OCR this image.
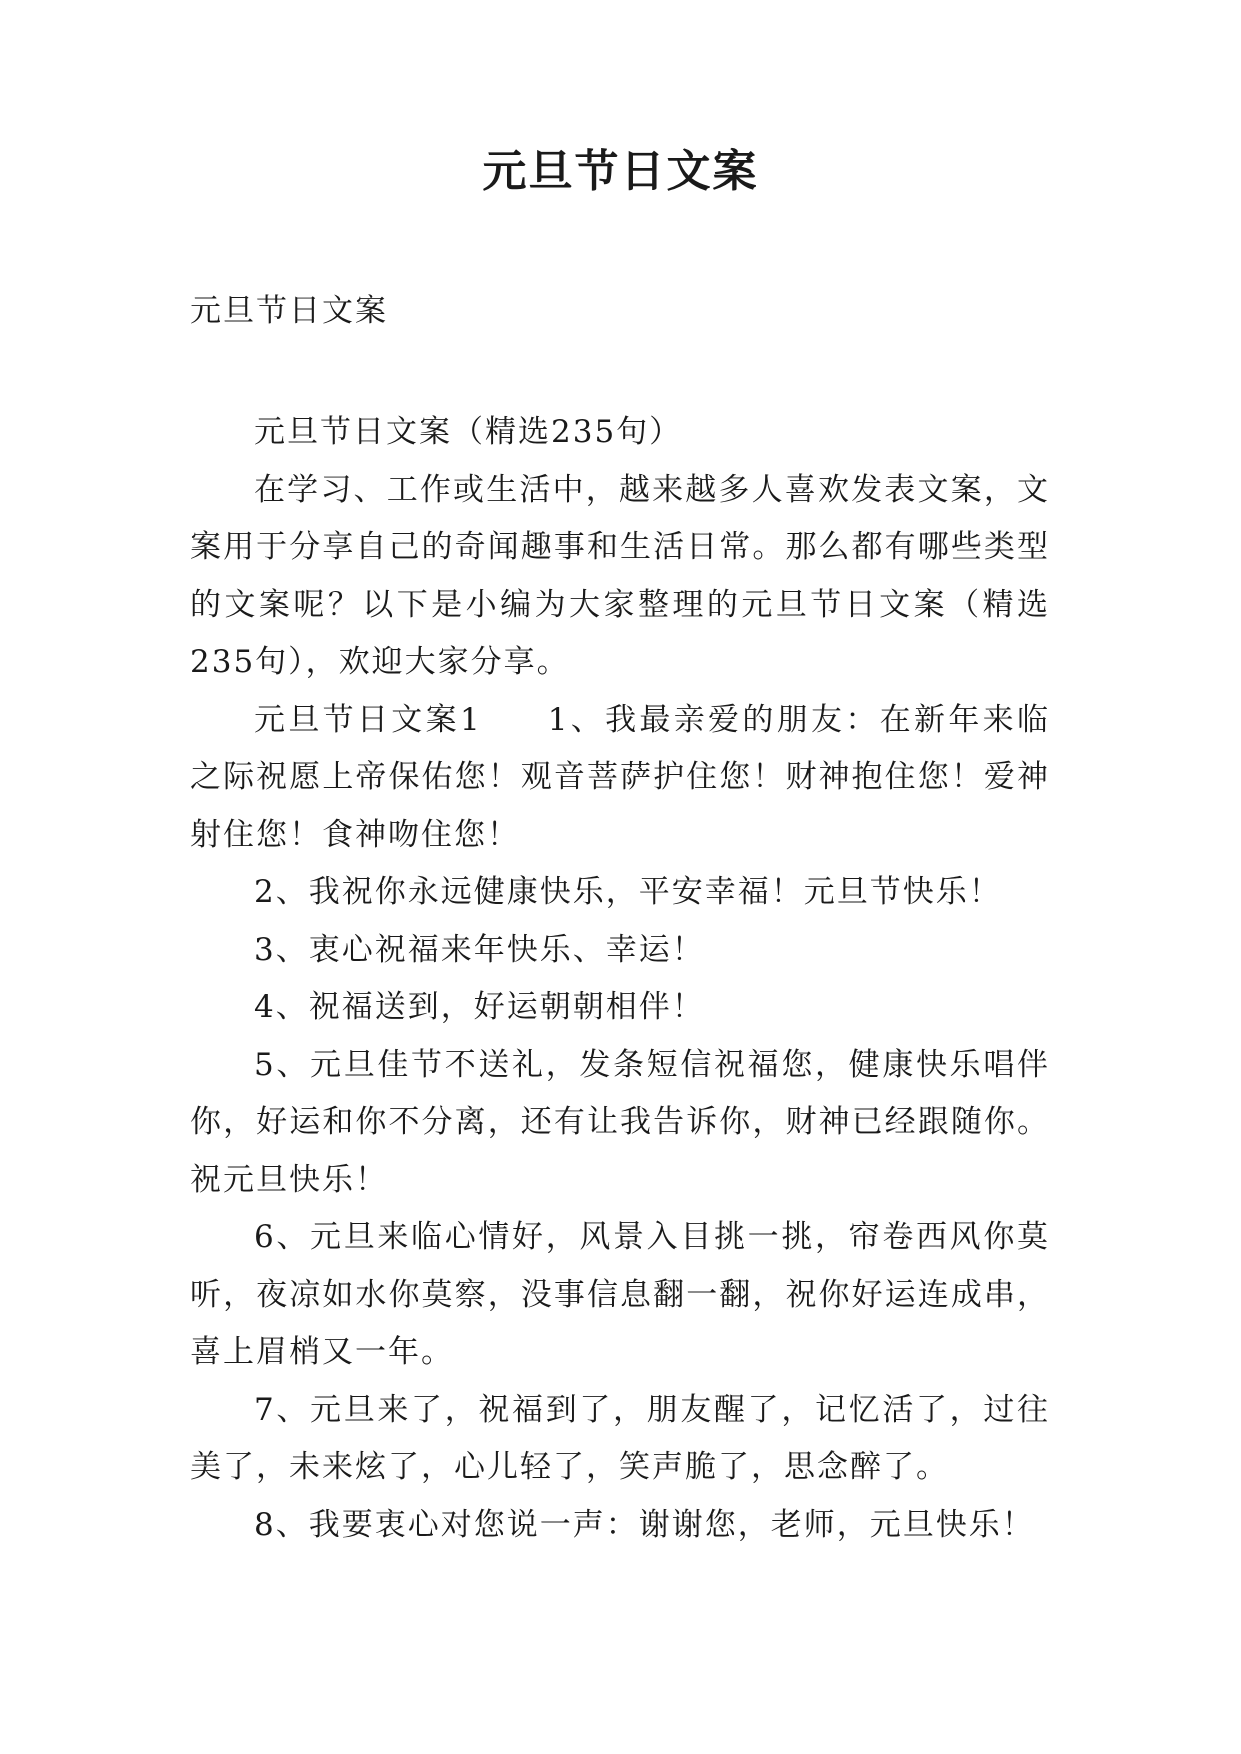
元旦节日文案
元旦节日文案

元旦节日文案（精选235句）

在学习、工作或生活中，越来越多人喜欢发表文案，文案用于分享自己的奇闻趣事和生活日常。那么都有哪些类型的文案呢？以下是小编为大家整理的元旦节日文案（精选235句），欢迎大家分享。

元旦节日文案1 1、我最亲爱的朋友：在新年来临之际祝愿上帝保佑您！观音菩萨护住您！财神抱住您！爱神射住您！食神吻住您！

2、我祝你永远健康快乐，平安幸福！元旦节快乐！

3、衷心祝福来年快乐、幸运！

4、祝福送到，好运朝朝相伴！

5、元旦佳节不送礼，发条短信祝福您，健康快乐唱伴你，好运和你不分离，还有让我告诉你，财神已经跟随你。祝元旦快乐！

6、元旦来临心情好，风景入目挑一挑，帘卷西风你莫听，夜凉如水你莫察，没事信息翻一翻，祝你好运连成串，喜上眉梢又一年。

7、元旦来了，祝福到了，朋友醒了，记忆活了，过往美了，未来炫了，心儿轻了，笑声脆了，思念醉了。

8、我要衷心对您说一声：谢谢您，老师，元旦快乐！
